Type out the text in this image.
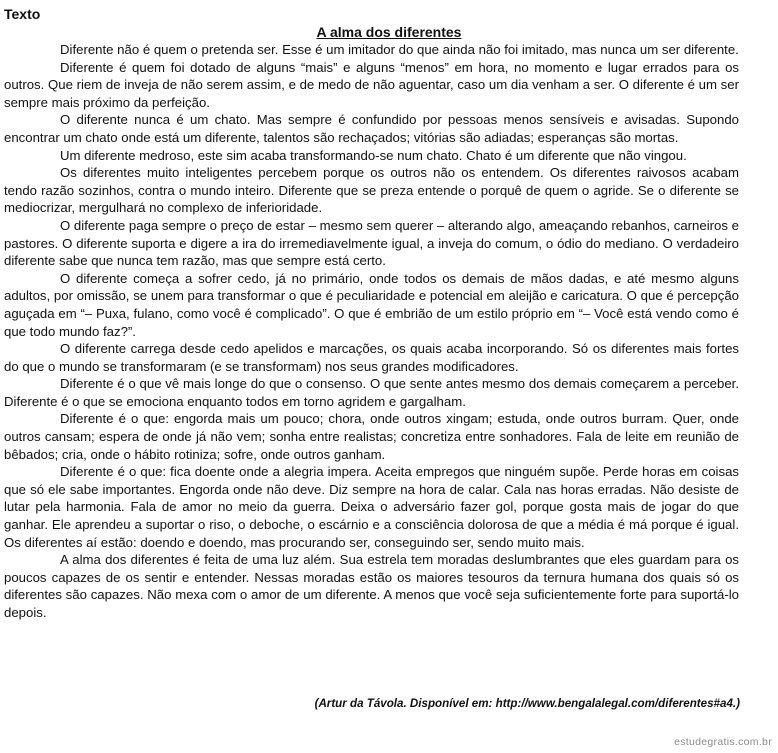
Texto
A alma dos diferentes

Diferente não é quem o pretenda ser. Esse é um imitador do que ainda não foi imitado, mas nunca um ser diferente.

Diferente é quem foi dotado de alguns “mais” e alguns “menos” em hora, no momento e lugar errados para os outros. Que riem de inveja de não serem assim, e de medo de não aguentar, caso um dia venham a ser. O diferente é um ser sempre mais próximo da perfeição.

O diferente nunca é um chato. Mas sempre é confundido por pessoas menos sensíveis e avisadas. Supondo encontrar um chato onde está um diferente, talentos são rechaçados; vitórias são adiadas; esperanças são mortas.

Um diferente medroso, este sim acaba transformando-se num chato. Chato é um diferente que não vingou.

Os diferentes muito inteligentes percebem porque os outros não os entendem. Os diferentes raivosos acabam tendo razão sozinhos, contra o mundo inteiro. Diferente que se preza entende o porquê de quem o agride. Se o diferente se mediocrizar, mergulhará no complexo de inferioridade.

O diferente paga sempre o preço de estar – mesmo sem querer – alterando algo, ameaçando rebanhos, carneiros e pastores. O diferente suporta e digere a ira do irremediavelmente igual, a inveja do comum, o ódio do mediano. O verdadeiro diferente sabe que nunca tem razão, mas que sempre está certo.

O diferente começa a sofrer cedo, já no primário, onde todos os demais de mãos dadas, e até mesmo alguns adultos, por omissão, se unem para transformar o que é peculiaridade e potencial em aleijão e caricatura. O que é percepção aguçada em “– Puxa, fulano, como você é complicado”. O que é embrião de um estilo próprio em “– Você está vendo como é que todo mundo faz?”.

O diferente carrega desde cedo apelidos e marcações, os quais acaba incorporando. Só os diferentes mais fortes do que o mundo se transformaram (e se transformam) nos seus grandes modificadores.

Diferente é o que vê mais longe do que o consenso. O que sente antes mesmo dos demais começarem a perceber. Diferente é o que se emociona enquanto todos em torno agridem e gargalham.

Diferente é o que: engorda mais um pouco; chora, onde outros xingam; estuda, onde outros burram. Quer, onde outros cansam; espera de onde já não vem; sonha entre realistas; concretiza entre sonhadores. Fala de leite em reunião de bêbados; cria, onde o hábito rotiniza; sofre, onde outros ganham.

Diferente é o que: fica doente onde a alegria impera. Aceita empregos que ninguém supõe. Perde horas em coisas que só ele sabe importantes. Engorda onde não deve. Diz sempre na hora de calar. Cala nas horas erradas. Não desiste de lutar pela harmonia. Fala de amor no meio da guerra. Deixa o adversário fazer gol, porque gosta mais de jogar do que ganhar. Ele aprendeu a suportar o riso, o deboche, o escárnio e a consciência dolorosa de que a média é má porque é igual. Os diferentes aí estão: doendo e doendo, mas procurando ser, conseguindo ser, sendo muito mais.

A alma dos diferentes é feita de uma luz além. Sua estrela tem moradas deslumbrantes que eles guardam para os poucos capazes de os sentir e entender. Nessas moradas estão os maiores tesouros da ternura humana dos quais só os diferentes são capazes. Não mexa com o amor de um diferente. A menos que você seja suficientemente forte para suportá-lo depois.

(Artur da Távola. Disponível em: http://www.bengalalegal.com/diferentes#a4.)
estudegratis.com.br
